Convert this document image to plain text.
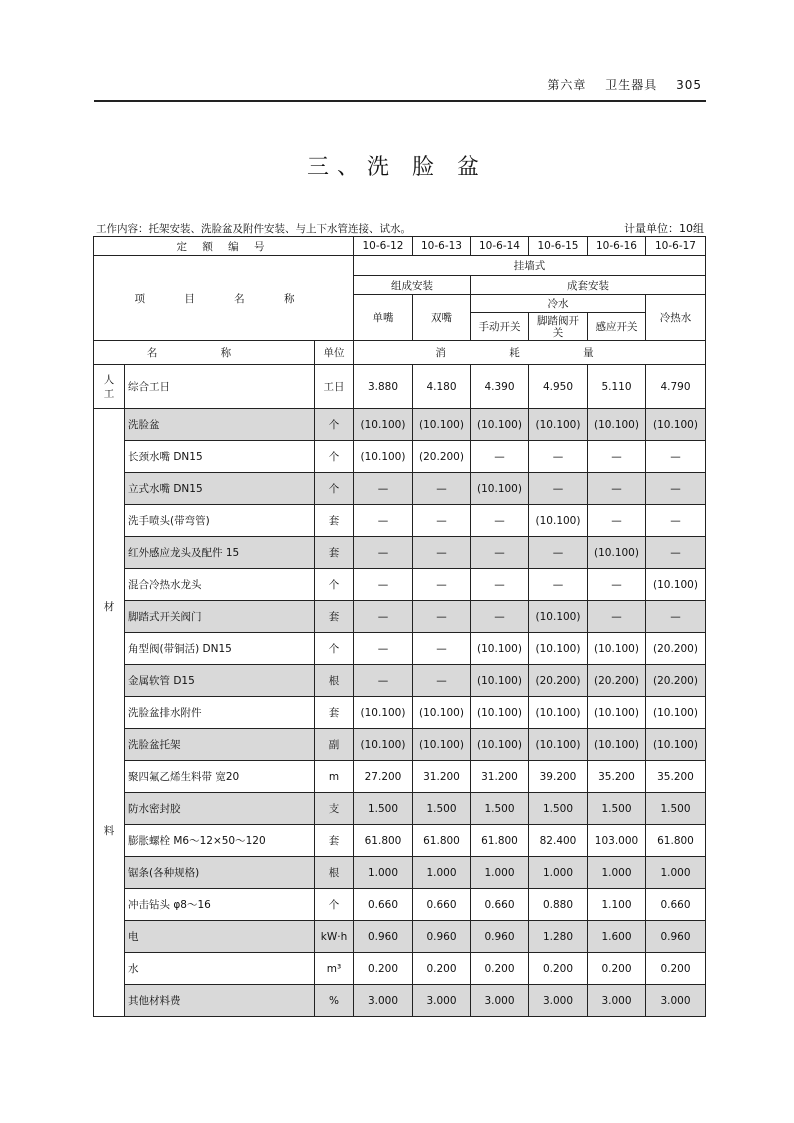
第六章 卫生器具 305
三、洗 脸 盆
工作内容：托架安装、洗脸盆及附件安装、与上下水管连接、试水。	计量单位：10组
定 额 编 号			10-6-12	10-6-13	10-6-14	10-6-15	10-6-16	10-6-17
项 目 名 称			挂墙式					
			组成安装		成套安装			
			单嘴	双嘴	冷水			冷热水
					手动开关	脚踏阀开关	感应开关	
名 称		单位	消 耗 量					
人工	综合工日	工日	3.880	4.180	4.390	4.950	5.110	4.790

材
料	洗脸盆	个	(10.100)	(10.100)	(10.100)	(10.100)	(10.100)	(10.100)
	长颈水嘴 DN15	个	(10.100)	(20.200)	—	—	—	—
	立式水嘴 DN15	个	—	—	(10.100)	—	—	—
	洗手喷头(带弯管)	套	—	—	—	(10.100)	—	—
	红外感应龙头及配件 15	套	—	—	—	—	(10.100)	—
	混合冷热水龙头	个	—	—	—	—	—	(10.100)
	脚踏式开关阀门	套	—	—	—	(10.100)	—	—
	角型阀(带铜活) DN15	个	—	—	(10.100)	(10.100)	(10.100)	(20.200)
	金属软管 D15	根	—	—	(10.100)	(20.200)	(20.200)	(20.200)
	洗脸盆排水附件	套	(10.100)	(10.100)	(10.100)	(10.100)	(10.100)	(10.100)
	洗脸盆托架	副	(10.100)	(10.100)	(10.100)	(10.100)	(10.100)	(10.100)
	聚四氟乙烯生料带 宽20	m	27.200	31.200	31.200	39.200	35.200	35.200
	防水密封胶	支	1.500	1.500	1.500	1.500	1.500	1.500
	膨胀螺栓 M6～12×50～120	套	61.800	61.800	61.800	82.400	103.000	61.800
	锯条(各种规格)	根	1.000	1.000	1.000	1.000	1.000	1.000
	冲击钻头 φ8～16	个	0.660	0.660	0.660	0.880	1.100	0.660
	电	kW·h	0.960	0.960	0.960	1.280	1.600	0.960
	水	m³	0.200	0.200	0.200	0.200	0.200	0.200
	其他材料费	%	3.000	3.000	3.000	3.000	3.000	3.000
